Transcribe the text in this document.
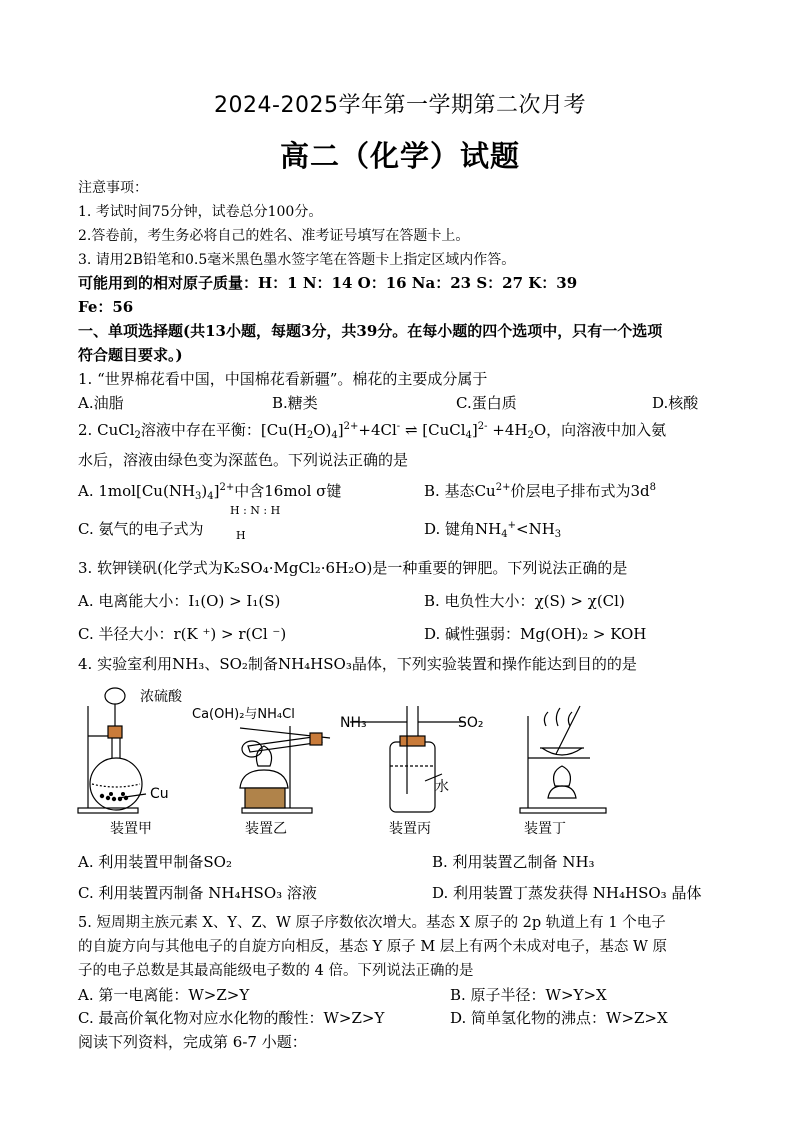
2024-2025学年第一学期第二次月考
高二（化学）试题
注意事项：
1. 考试时间75分钟，试卷总分100分。
2.答卷前，考生务必将自己的姓名、准考证号填写在答题卡上。
3. 请用2B铅笔和0.5毫米黑色墨水签字笔在答题卡上指定区域内作答。
可能用到的相对原子质量：H：1 N：14 O：16 Na：23 S：27 K：39
Fe：56
一、单项选择题(共13小题，每题3分，共39分。在每小题的四个选项中，只有一个选项
符合题目要求。)
1. “世界棉花看中国，中国棉花看新疆”。棉花的主要成分属于
A.油脂	B.糖类	C.蛋白质	D.核酸
2. CuCl$_2$溶液中存在平衡：$[Cu(H_2O)_4]^{2+}+4Cl^-$ ⇌ [CuCl$_4$]$^{2-}$ $+4H_2O$，向溶液中加入氨
水后，溶液由绿色变为深蓝色。下列说法正确的是
A. $1mol[Cu(NH_3)_4]^{2+}$中含16mol σ键	B. 基态$Cu^{2+}$价层电子排布式为$3d^8$
H : N : H
C. 氨气的电子式为	H	D. 键角$NH_4^+<NH_3$
3. 软钾镁矾(化学式为K₂SO₄·MgCl₂·6H₂O)是一种重要的钾肥。下列说法正确的是
A. 电离能大小：I₁(O) > I₁(S)	B. 电负性大小：χ(S) > χ(Cl)
C. 半径大小：r(K ⁺) > r(Cl ⁻)	D. 碱性强弱：Mg(OH)₂ > KOH
4. 实验室利用NH₃、SO₂制备NH₄HSO₃晶体，下列实验装置和操作能达到目的的是
浓硫酸
Cu
Ca(OH)₂与NH₄Cl
NH₃	SO₂
水
装置甲	装置乙	装置丙	装置丁
A. 利用装置甲制备SO₂	B. 利用装置乙制备 NH₃
C. 利用装置丙制备 NH₄HSO₃ 溶液	D. 利用装置丁蒸发获得 NH₄HSO₃ 晶体
5. 短周期主族元素 X、Y、Z、W 原子序数依次增大。基态 X 原子的 2p 轨道上有 1 个电子
的自旋方向与其他电子的自旋方向相反，基态 Y 原子 M 层上有两个未成对电子，基态 W 原
子的电子总数是其最高能级电子数的 4 倍。下列说法正确的是
A. 第一电离能：W>Z>Y	B. 原子半径：W>Y>X
C. 最高价氧化物对应水化物的酸性：W>Z>Y	D. 简单氢化物的沸点：W>Z>X
阅读下列资料，完成第 6-7 小题：
